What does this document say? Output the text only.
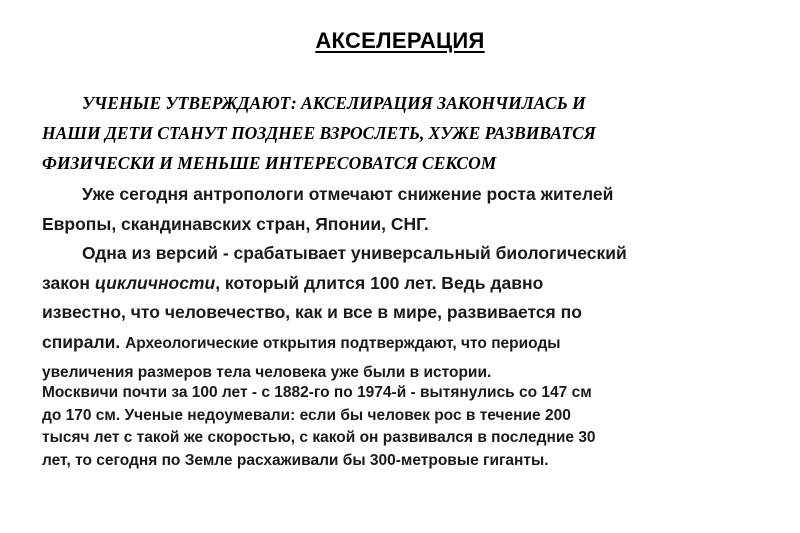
АКСЕЛЕРАЦИЯ
УЧЕНЫЕ УТВЕРЖДАЮТ: АКСЕЛИРАЦИЯ ЗАКОНЧИЛАСЬ И
НАШИ ДЕТИ СТАНУТ ПОЗДНЕЕ ВЗРОСЛЕТЬ, ХУЖЕ РАЗВИВАТСЯ
ФИЗИЧЕСКИ И МЕНЬШЕ ИНТЕРЕСОВАТСЯ СЕКСОМ
Уже сегодня антропологи отмечают снижение роста жителей
Европы, скандинавских стран, Японии, СНГ.
Одна из версий - срабатывает универсальный биологический
закон цикличности, который длится 100 лет. Ведь давно
известно, что человечество, как и все в мире, развивается по
спирали. Археологические открытия подтверждают, что периоды
увеличения размеров тела человека уже были в истории.
Москвичи почти за 100 лет - с 1882-го по 1974-й - вытянулись со 147 см
до 170 см. Ученые недоумевали: если бы человек рос в течение 200
тысяч лет с такой же скоростью, с какой он развивался в последние 30
лет, то сегодня по Земле расхаживали бы 300-метровые гиганты.
